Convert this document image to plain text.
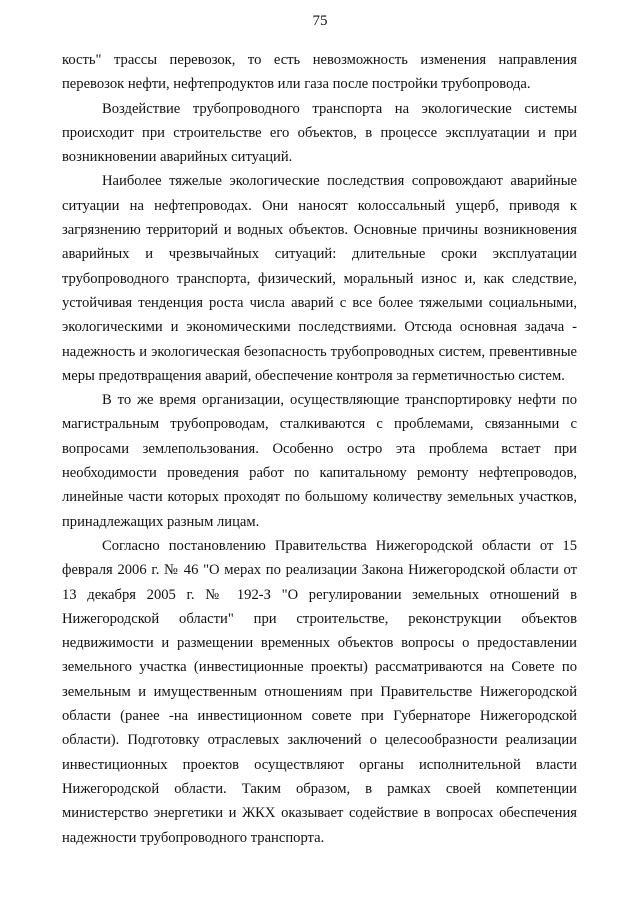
75

кость" трассы перевозок, то есть невозможность изменения направления перевозок нефти, нефтепродуктов или газа после постройки трубопровода.

Воздействие трубопроводного транспорта на экологические системы происходит при строительстве его объектов, в процессе эксплуатации и при возникновении аварийных ситуаций.

Наиболее тяжелые экологические последствия сопровождают аварийные ситуации на нефтепроводах. Они наносят колоссальный ущерб, приводя к загрязнению территорий и водных объектов. Основные причины возникновения аварийных и чрезвычайных ситуаций: длительные сроки эксплуатации трубопроводного транспорта, физический, моральный износ и, как следствие, устойчивая тенденция роста числа аварий с все более тяжелыми социальными, экологическими и экономическими последствиями. Отсюда основная задача - надежность и экологическая безопасность трубопроводных систем, превентивные меры предотвращения аварий, обеспечение контроля за герметичностью систем.

В то же время организации, осуществляющие транспортировку нефти по магистральным трубопроводам, сталкиваются с проблемами, связанными с вопросами землепользования. Особенно остро эта проблема встает при необходимости проведения работ по капитальному ремонту нефтепроводов, линейные части которых проходят по большому количеству земельных участков, принадлежащих разным лицам.

Согласно постановлению Правительства Нижегородской области от 15 февраля 2006 г. № 46 "О мерах по реализации Закона Нижегородской области от 13 декабря 2005 г. № 192-З "О регулировании земельных отношений в Нижегородской области" при строительстве, реконструкции объектов недвижимости и размещении временных объектов вопросы о предоставлении земельного участка (инвестиционные проекты) рассматриваются на Совете по земельным и имущественным отношениям при Правительстве Нижегородской области (ранее -на инвестиционном совете при Губернаторе Нижегородской области). Подготовку отраслевых заключений о целесообразности реализации инвестиционных проектов осуществляют органы исполнительной власти Нижегородской области. Таким образом, в рамках своей компетенции министерство энергетики и ЖКХ оказывает содействие в вопросах обеспечения надежности трубопроводного транспорта.
